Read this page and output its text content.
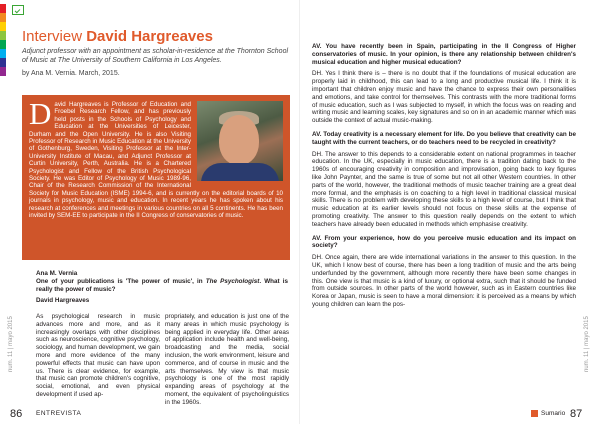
Interview David Hargreaves
Adjunct professor with an appointment as scholar-in-residence at the Thornton School of Music at The University of Southern California in Los Angeles.
by Ana M. Vernia. March, 2015.
David Hargreaves is Professor of Education and Froebel Research Fellow, and has previously held posts in the Schools of Psychology and Education at the Universities of Leicester, Durham and the Open University. He is also Visiting Professor of Research in Music Education at the University of Gothenburg, Sweden, Visiting Professor at the Inter-University Institute of Macau, and Adjunct Professor at Curtin University, Perth, Australia. He is a Chartered Psychologist and Fellow of the British Psychological Society. He was Editor of Psychology of Music 1989-96, Chair of the Research Commission of the International Society for Music Education (ISME) 1994-6, and is currently on the editorial boards of 10 journals in psychology, music and education. In recent years he has spoken about his research at conferences and meetings in various countries on all 5 continents. He has been invited by SEM-EE to participate in the II Congress of conservatories of music.
Ana M. Vernia
One of your publications is 'The power of music', in The Psychologist. What is really the power of music?
David Hargreaves
As psychological research in music advances more and more, and as it increasingly overlaps with other disciplines such as neuroscience, cognitive psychology, sociology, and human development, we gain more and more evidence of the many powerful effects that music can have upon us. There is clear evidence, for example, that music can promote children's cognitive, social, emotional, and even physical development if used ap-
propriately, and education is just one of the many areas in which music psychology is being applied in everyday life. Other areas of application include health and well-being, broadcasting and the media, social inclusion, the work environment, leisure and commerce, and of course in music and the arts themselves. My view is that music psychology is one of the most rapidly expanding areas of psychology at the moment, the equivalent of psycholinguistics in the 1960s.
num. 11 | mayo 2015
86 ENTREVISTA
AV. You have recently been in Spain, participating in the II Congress of Higher conservatories of music. In your opinion, is there any relationship between children's musical education and higher musical education?
DH. Yes I think there is – there is no doubt that if the foundations of musical education are properly laid in childhood, this can lead to a long and productive musical life. I think it is important that children enjoy music and have the chance to express their own personalities and emotions, and take control for themselves. This contrasts with the more traditional forms of music education, such as I was subjected to myself, in which the focus was on reading and writing music and learning scales, key signatures and so on in an academic manner which was outside the context of actual music-making.
AV. Today creativity is a necessary element for life. Do you believe that creativity can be taught with the current teachers, or do teachers need to be recycled in creativity?
DH. The answer to this depends to a considerable extent on national programmes in teacher education. In the UK, especially in music education, there is a tradition dating back to the 1960s of encouraging creativity in composition and improvisation, going back to key figures like John Paynter, and the same is true of some but not all other Western countries. In other parts of the world, however, the traditional methods of music teacher training are a great deal more formal, and the emphasis is on coaching to a high level in traditional classical musical skills. There is no problem with developing these skills to a high level of course, but I think that music education at its earlier levels should not focus on these skills at the expense of promoting creativity. The answer to this question really depends on the extent to which teachers have already been educated in methods which emphasise creativity.
AV. From your experience, how do you perceive music education and its impact on society?
DH. Once again, there are wide international variations in the answer to this question. In the UK, which I know best of course, there has been a long tradition of music and the arts being underfunded by the government, although more recently there have been some changes in this. One view is that music is a kind of luxury, or optional extra, such that it should be funded from outside sources. In other parts of the world however, such as in Eastern countries like Korea or Japan, music is seen to have a moral dimension: it is perceived as a means by which young children can learn the pos-
num. 11 | mayo 2015
Sumario 87
